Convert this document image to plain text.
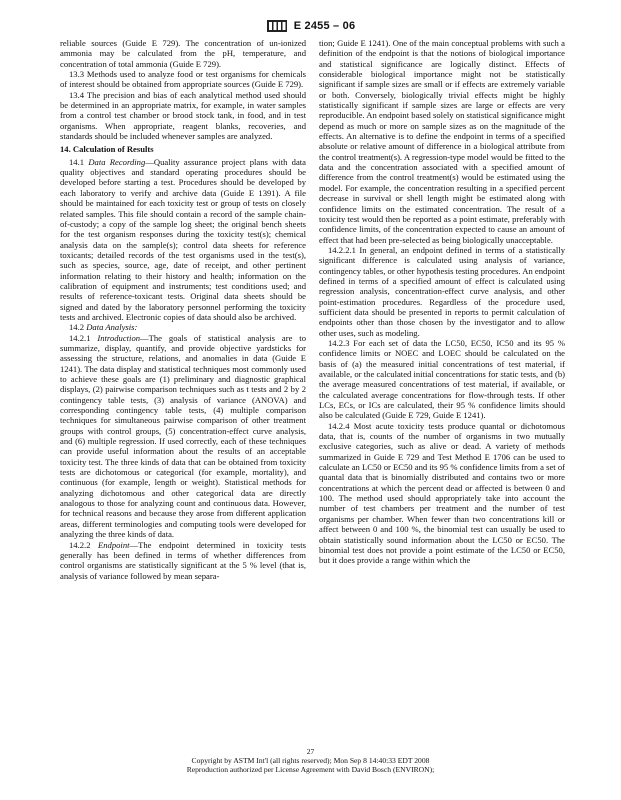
E 2455 – 06

reliable sources (Guide E 729). The concentration of un-ionized ammonia may be calculated from the pH, temperature, and concentration of total ammonia (Guide E 729).

13.3 Methods used to analyze food or test organisms for chemicals of interest should be obtained from appropriate sources (Guide E 729).

13.4 The precision and bias of each analytical method used should be determined in an appropriate matrix, for example, in water samples from a control test chamber or brood stock tank, in food, and in test organisms. When appropriate, reagent blanks, recoveries, and standards should be included whenever samples are analyzed.

14. Calculation of Results

14.1 Data Recording—Quality assurance project plans with data quality objectives and standard operating procedures should be developed before starting a test. Procedures should be developed by each laboratory to verify and archive data (Guide E 1391). A file should be maintained for each toxicity test or group of tests on closely related samples. This file should contain a record of the sample chain-of-custody; a copy of the sample log sheet; the original bench sheets for the test organism responses during the toxicity test(s); chemical analysis data on the sample(s); control data sheets for reference toxicants; detailed records of the test organisms used in the test(s), such as species, source, age, date of receipt, and other pertinent information relating to their history and health; information on the calibration of equipment and instruments; test conditions used; and results of reference-toxicant tests. Original data sheets should be signed and dated by the laboratory personnel performing the toxicity tests and archived. Electronic copies of data should also be archived.

14.2 Data Analysis:

14.2.1 Introduction—The goals of statistical analysis are to summarize, display, quantify, and provide objective yardsticks for assessing the structure, relations, and anomalies in data (Guide E 1241). The data display and statistical techniques most commonly used to achieve these goals are (1) preliminary and diagnostic graphical displays, (2) pairwise comparison techniques such as t tests and 2 by 2 contingency table tests, (3) analysis of variance (ANOVA) and corresponding contingency table tests, (4) multiple comparison techniques for simultaneous pairwise comparison of other treatment groups with control groups, (5) concentration-effect curve analysis, and (6) multiple regression. If used correctly, each of these techniques can provide useful information about the results of an acceptable toxicity test. The three kinds of data that can be obtained from toxicity tests are dichotomous or categorical (for example, mortality), and continuous (for example, length or weight). Statistical methods for analyzing dichotomous and other categorical data are directly analogous to those for analyzing count and continuous data. However, for technical reasons and because they arose from different application areas, different terminologies and computing tools were developed for analyzing the three kinds of data.

14.2.2 Endpoint—The endpoint determined in toxicity tests generally has been defined in terms of whether differences from control organisms are statistically significant at the 5 % level (that is, analysis of variance followed by mean separa-

tion; Guide E 1241). One of the main conceptual problems with such a definition of the endpoint is that the notions of biological importance and statistical significance are logically distinct. Effects of considerable biological importance might not be statistically significant if sample sizes are small or if effects are extremely variable or both. Conversely, biologically trivial effects might be highly statistically significant if sample sizes are large or effects are very reproducible. An endpoint based solely on statistical significance might depend as much or more on sample sizes as on the magnitude of the effects. An alternative is to define the endpoint in terms of a specified absolute or relative amount of difference in a biological attribute from the control treatment(s). A regression-type model would be fitted to the data and the concentration associated with a specified amount of difference from the control treatment(s) would be estimated using the model. For example, the concentration resulting in a specified percent decrease in survival or shell length might be estimated along with confidence limits on the estimated concentration. The result of a toxicity test would then be reported as a point estimate, preferably with confidence limits, of the concentration expected to cause an amount of effect that had been pre-selected as being biologically unacceptable.

14.2.2.1 In general, an endpoint defined in terms of a statistically significant difference is calculated using analysis of variance, contingency tables, or other hypothesis testing procedures. An endpoint defined in terms of a specified amount of effect is calculated using regression analysis, concentration-effect curve analysis, and other point-estimation procedures. Regardless of the procedure used, sufficient data should be presented in reports to permit calculation of endpoints other than those chosen by the investigator and to allow other uses, such as modeling.

14.2.3 For each set of data the LC50, EC50, IC50 and its 95 % confidence limits or NOEC and LOEC should be calculated on the basis of (a) the measured initial concentrations of test material, if available, or the calculated initial concentrations for static tests, and (b) the average measured concentrations of test material, if available, or the calculated average concentrations for flow-through tests. If other LCs, ECs, or ICs are calculated, their 95 % confidence limits should also be calculated (Guide E 729, Guide E 1241).

14.2.4 Most acute toxicity tests produce quantal or dichotomous data, that is, counts of the number of organisms in two mutually exclusive categories, such as alive or dead. A variety of methods summarized in Guide E 729 and Test Method E 1706 can be used to calculate an LC50 or EC50 and its 95 % confidence limits from a set of quantal data that is binomially distributed and contains two or more concentrations at which the percent dead or affected is between 0 and 100. The method used should appropriately take into account the number of test chambers per treatment and the number of test organisms per chamber. When fewer than two concentrations kill or affect between 0 and 100 %, the binomial test can usually be used to obtain statistically sound information about the LC50 or EC50. The binomial test does not provide a point estimate of the LC50 or EC50, but it does provide a range within which the

27
Copyright by ASTM Int'l (all rights reserved); Mon Sep 8 14:40:33 EDT 2008
Reproduction authorized per License Agreement with David Bosch (ENVIRON);
